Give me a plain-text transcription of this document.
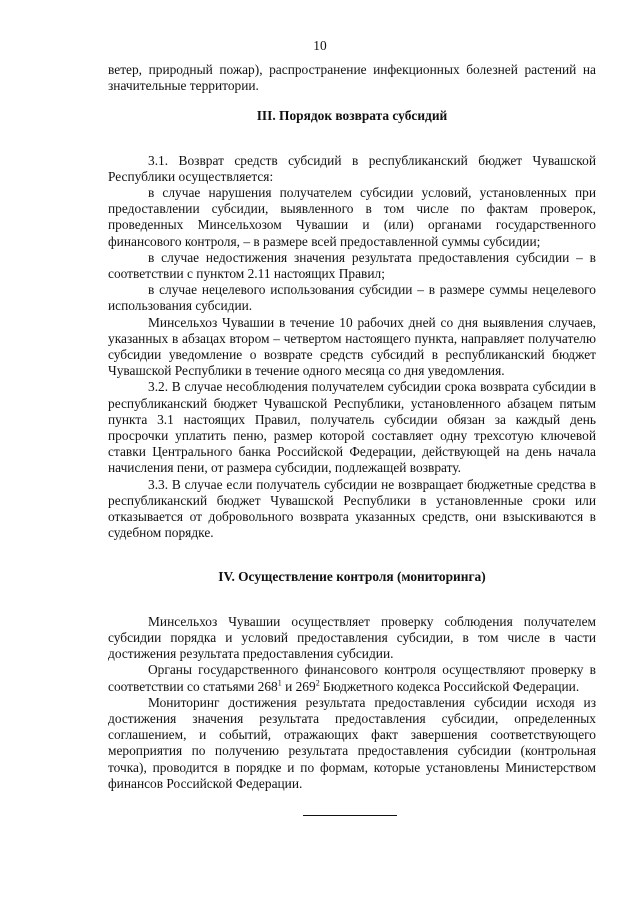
10

ветер, природный пожар), распространение инфекционных болезней растений на значительные территории.

III. Порядок возврата субсидий

3.1. Возврат средств субсидий в республиканский бюджет Чувашской Республики осуществляется:

в случае нарушения получателем субсидии условий, установленных при предоставлении субсидии, выявленного в том числе по фактам проверок, проведенных Минсельхозом Чувашии и (или) органами государственного финансового контроля, – в размере всей предоставленной суммы субсидии;

в случае недостижения значения результата предоставления субсидии – в соответствии с пунктом 2.11 настоящих Правил;

в случае нецелевого использования субсидии – в размере суммы нецелевого использования субсидии.

Минсельхоз Чувашии в течение 10 рабочих дней со дня выявления случаев, указанных в абзацах втором – четвертом настоящего пункта, направляет получателю субсидии уведомление о возврате средств субсидий в республиканский бюджет Чувашской Республики в течение одного месяца со дня уведомления.

3.2. В случае несоблюдения получателем субсидии срока возврата субсидии в республиканский бюджет Чувашской Республики, установленного абзацем пятым пункта 3.1 настоящих Правил, получатель субсидии обязан за каждый день просрочки уплатить пеню, размер которой составляет одну трехсотую ключевой ставки Центрального банка Российской Федерации, действующей на день начала начисления пени, от размера субсидии, подлежащей возврату.

3.3. В случае если получатель субсидии не возвращает бюджетные средства в республиканский бюджет Чувашской Республики в установленные сроки или отказывается от добровольного возврата указанных средств, они взыскиваются в судебном порядке.

IV. Осуществление контроля (мониторинга)

Минсельхоз Чувашии осуществляет проверку соблюдения получателем субсидии порядка и условий предоставления субсидии, в том числе в части достижения результата предоставления субсидии.

Органы государственного финансового контроля осуществляют проверку в соответствии со статьями $268^1$ и $269^2$ Бюджетного кодекса Российской Федерации.

Мониторинг достижения результата предоставления субсидии исходя из достижения значения результата предоставления субсидии, определенных соглашением, и событий, отражающих факт завершения соответствующего мероприятия по получению результата предоставления субсидии (контрольная точка), проводится в порядке и по формам, которые установлены Министерством финансов Российской Федерации.
